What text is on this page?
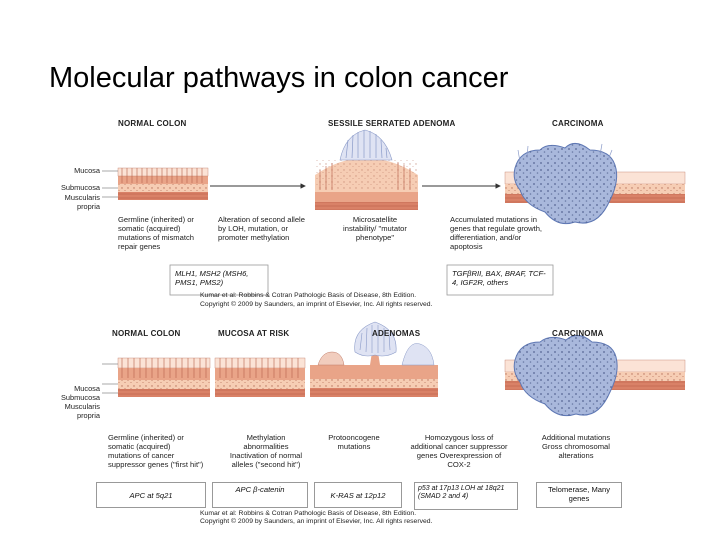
Molecular pathways in colon cancer
NORMAL COLON	SESSILE SERRATED ADENOMA	CARCINOMA
Mucosa
Submucosa
Muscularis propria
Germline (inherited) or somatic (acquired) mutations of mismatch repair genes
Alteration of second allele by LOH, mutation, or promoter methylation
Microsatellite instability/ "mutator phenotype"
Accumulated mutations in genes that regulate growth, differentiation, and/or apoptosis
MLH1, MSH2 (MSH6, PMS1, PMS2)
TGFβRII, BAX, BRAF, TCF-4, IGF2R, others
Kumar et al: Robbins & Cotran Pathologic Basis of Disease, 8th Edition.
Copyright © 2009 by Saunders, an imprint of Elsevier, Inc. All rights reserved.
NORMAL COLON	MUCOSA AT RISK	ADENOMAS	CARCINOMA
Mucosa
Submucosa
Muscularis propria
Germline (inherited) or somatic (acquired) mutations of cancer suppressor genes ("first hit")
Methylation abnormalities Inactivation of normal alleles ("second hit")
Protooncogene mutations
Homozygous loss of additional cancer suppressor genes Overexpression of COX-2
Additional mutations Gross chromosomal alterations
APC at 5q21
APC β-catenin
K-RAS at 12p12
p53 at 17p13 LOH at 18q21 (SMAD 2 and 4)
Telomerase, Many genes
Kumar et al: Robbins & Cotran Pathologic Basis of Disease, 8th Edition.
Copyright © 2009 by Saunders, an imprint of Elsevier, Inc. All rights reserved.
